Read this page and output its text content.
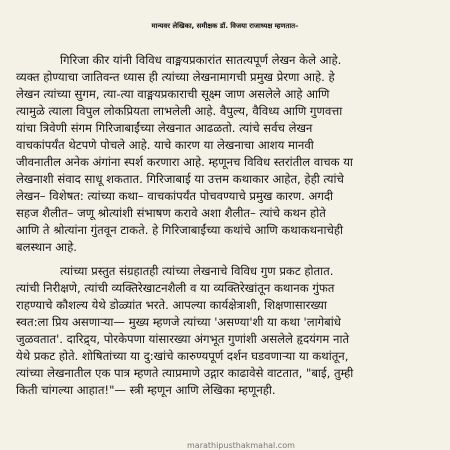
मान्यवर लेखिका, समीक्षक डॉ. विजया राजाध्यक्ष म्हणतात–
गिरिजा कीर यांनी विविध वाङ्मयप्रकारांत सातत्यपूर्ण लेखन केले आहे.
व्यक्त होण्याचा जातिवन्त ध्यास ही त्यांच्या लेखनामागची प्रमुख प्रेरणा आहे. हे
लेखन त्यांच्या सुगम, त्या-त्या वाङ्मयप्रकाराची सूक्ष्म जाण असलेले आहे आणि
त्यामुळे त्याला विपुल लोकप्रियता लाभलेली आहे. वैपुल्य, वैविध्य आणि गुणवत्ता
यांचा त्रिवेणी संगम गिरिजाबाईंच्या लेखनात आढळतो. त्यांचे सर्वच लेखन
वाचकांपर्यंत थेटपणे पोचले आहे. याचे कारण या लेखनाचा आशय मानवी
जीवनातील अनेक अंगांना स्पर्श करणारा आहे. म्हणूनच विविध स्तरांतील वाचक या
लेखनाशी संवाद साधू शकतात. गिरिजाबाई या उत्तम कथाकार आहेत, हेही त्यांचे
लेखन– विशेषत: त्यांच्या कथा– वाचकांपर्यंत पोचवण्याचे प्रमुख कारण. अगदी
सहज शैलीत– जणू श्रोत्यांशी संभाषण करावे अशा शैलीत– त्यांचे कथन होते
आणि ते श्रोत्यांना गुंतवून टाकते. हे गिरिजाबाईंच्या कथांचे आणि कथाकथनाचेही
बलस्थान आहे.
त्यांच्या प्रस्तुत संग्रहातही त्यांच्या लेखनाचे विविध गुण प्रकट होतात.
त्यांची निरीक्षणे, त्यांची व्यक्तिरेखाटनशैली व या व्यक्तिरेखांतून कथानक गुंफत
राहण्याचे कौशल्य येथे डोळ्यांत भरते. आपल्या कार्यक्षेत्राशी, शिक्षणासारख्या
स्वत:ला प्रिय असणाऱ्या— मुख्य म्हणजे त्यांच्या 'असण्या'शी या कथा 'लागेबांधे
जुळवतात'. दारिद्र्य, पोरकेपणा यांसारख्या अंगभूत गुणांशी असलेले हृदयंगम नाते
येथे प्रकट होते. शोषितांच्या या दु:खांचे कारुण्यपूर्ण दर्शन घडवणाऱ्या या कथांतून,
त्यांच्या लेखनातील एक पात्र म्हणते त्याप्रमाणे उद्गार काढावेसे वाटतात, "बाई, तुम्ही
किती चांगल्या आहात!"— स्त्री म्हणून आणि लेखिका म्हणूनही.
marathipusthakmahal.com
